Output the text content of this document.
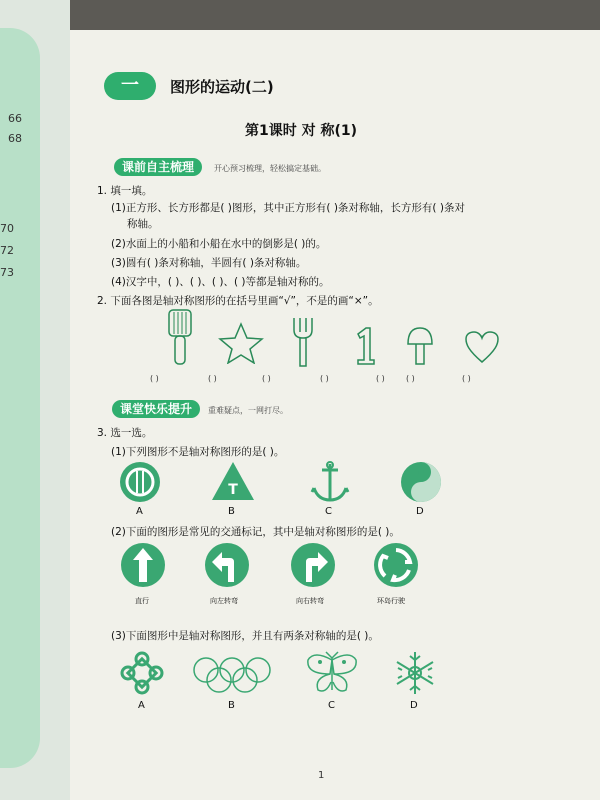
66
68
70
72
73
一	图形的运动(二)
第1课时 对 称(1)
课前自主梳理	开心预习梳理，轻松搞定基础。
1. 填一填。
(1)正方形、长方形都是( )图形，其中正方形有( )条对称轴，长方形有( )条对
称轴。
(2)水面上的小船和小船在水中的倒影是( )的。
(3)圆有( )条对称轴，半圆有( )条对称轴。
(4)汉字中，( )、( )、( )、( )等都是轴对称的。
2. 下面各图是轴对称图形的在括号里画“√”，不是的画“×”。
( )	( )	( )	( )	( )	( )	( )
课堂快乐提升	重难疑点，一网打尽。
3. 选一选。
(1)下列图形不是轴对称图形的是( )。
T
A	B	C	D
(2)下面的图形是常见的交通标记，其中是轴对称图形的是( )。
直行	向左转弯	向右转弯	环岛行驶
(3)下面图形中是轴对称图形，并且有两条对称轴的是( )。
A	B	C	D
1
